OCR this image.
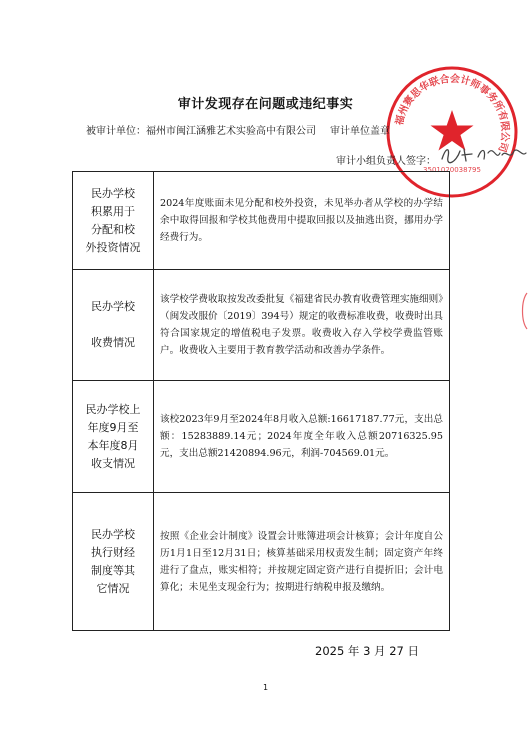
福州赛思华联合会计师事务所有限公司
3501020038795
审计发现存在问题或违纪事实
被审计单位：福州市闽江涵雅艺术实验高中有限公司 审计单位盖章
审计小组负责人签字：
民办学校
积累用于
分配和校
外投资情况	2024年度账面未见分配和校外投资，未见举办者从学校的办学结余中取得回报和学校其他费用中提取回报以及抽逃出资，挪用办学经费行为。
民办学校

收费情况	该学校学费收取按发改委批复《福建省民办教育收费管理实施细则》（闽发改服价〔2019〕394号）规定的收费标准收费，收费时出具符合国家规定的增值税电子发票。收费收入存入学校学费监管账户。收费收入主要用于教育教学活动和改善办学条件。
民办学校上
年度9月至
本年度8月
收支情况	该校2023年9月至2024年8月收入总额:16617187.77元，支出总额：15283889.14元；2024年度全年收入总额20716325.95元，支出总额21420894.96元，利润-704569.01元。
民办学校
执行财经
制度等其
它情况	按照《企业会计制度》设置会计账簿进项会计核算；会计年度自公历1月1日至12月31日；核算基础采用权责发生制；固定资产年终进行了盘点，账实相符；并按规定固定资产进行自提折旧；会计电算化；未见坐支现金行为；按期进行纳税申报及缴纳。
2025 年 3 月 27 日
1
